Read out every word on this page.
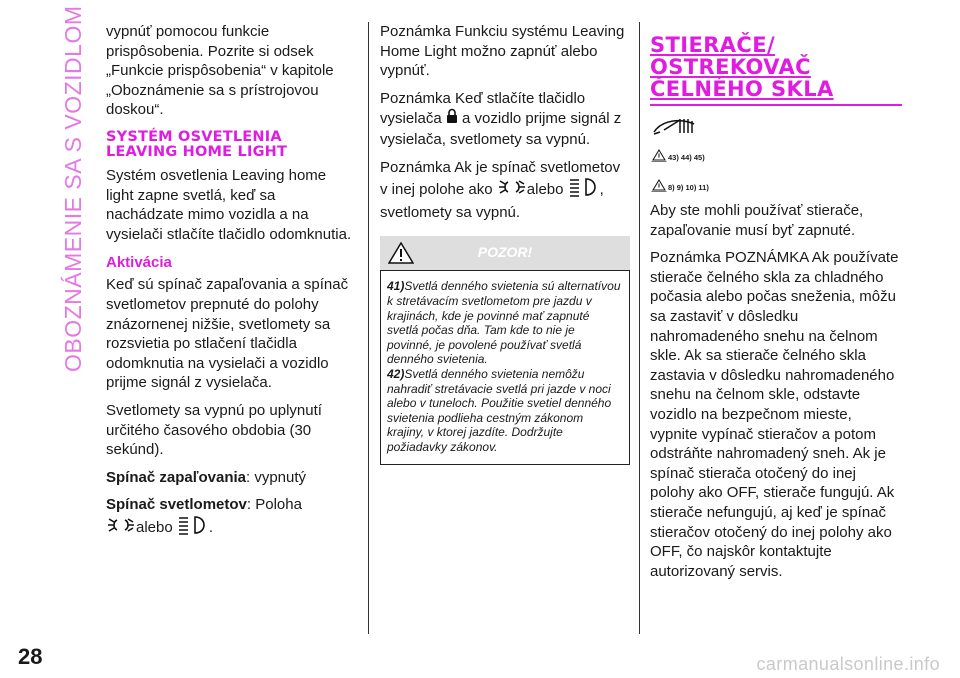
OBOZNÁMENIE SA S VOZIDLOM vypnúť pomocou funkcie prispôsobenia. Pozrite si odsek „Funkcie prispôsobenia“ v kapitole „Oboznámenie sa s prístrojovou doskou“.

SYSTÉM OSVETLENIA LEAVING HOME LIGHT

Systém osvetlenia Leaving home light zapne svetlá, keď sa nachádzate mimo vozidla a na vysielači stlačíte tlačidlo odomknutia.

Aktivácia

Keď sú spínač zapaľovania a spínač svetlometov prepnuté do polohy znázornenej nižšie, svetlomety sa rozsvietia po stlačení tlačidla odomknutia na vysielači a vozidlo prijme signál z vysielača.

Svetlomety sa vypnú po uplynutí určitého časového obdobia (30 sekúnd).

Spínač zapaľovania: vypnutý

Spínač svetlometov: Poloha
alebo .

Poznámka Funkciu systému Leaving Home Light možno zapnúť alebo vypnúť.

Poznámka Keď stlačíte tlačidlo vysielača a vozidlo prijme signál z vysielača, svetlomety sa vypnú.

Poznámka Ak je spínač svetlometov v inej polohe ako alebo , svetlomety sa vypnú.

POZOR!
41)Svetlá denného svietenia sú alternatívou k stretávacím svetlometom pre jazdu v krajinách, kde je povinné mať zapnuté svetlá počas dňa. Tam kde to nie je povinné, je povolené používať svetlá denného svietenia.
42)Svetlá denného svietenia nemôžu nahradiť stretávacie svetlá pri jazde v noci alebo v tuneloch. Použitie svetiel denného svietenia podlieha cestným zákonom krajiny, v ktorej jazdíte. Dodržujte požiadavky zákonov.
STIERAČE/ OSTREKOVAČ ČELNÉHO SKLA
43) 44) 45)
8) 9) 10) 11)

Aby ste mohli používať stierače, zapaľovanie musí byť zapnuté.

Poznámka POZNÁMKA Ak používate stierače čelného skla za chladného počasia alebo počas sneženia, môžu sa zastaviť v dôsledku nahromadeného snehu na čelnom skle. Ak sa stierače čelného skla zastavia v dôsledku nahromadeného snehu na čelnom skle, odstavte vozidlo na bezpečnom mieste, vypnite vypínač stieračov a potom odstráňte nahromadený sneh. Ak je spínač stierača otočený do inej polohy ako OFF, stierače fungujú. Ak stierače nefungujú, aj keď je spínač stieračov otočený do inej polohy ako OFF, čo najskôr kontaktujte autorizovaný servis.

28	carmanualsonline.info
